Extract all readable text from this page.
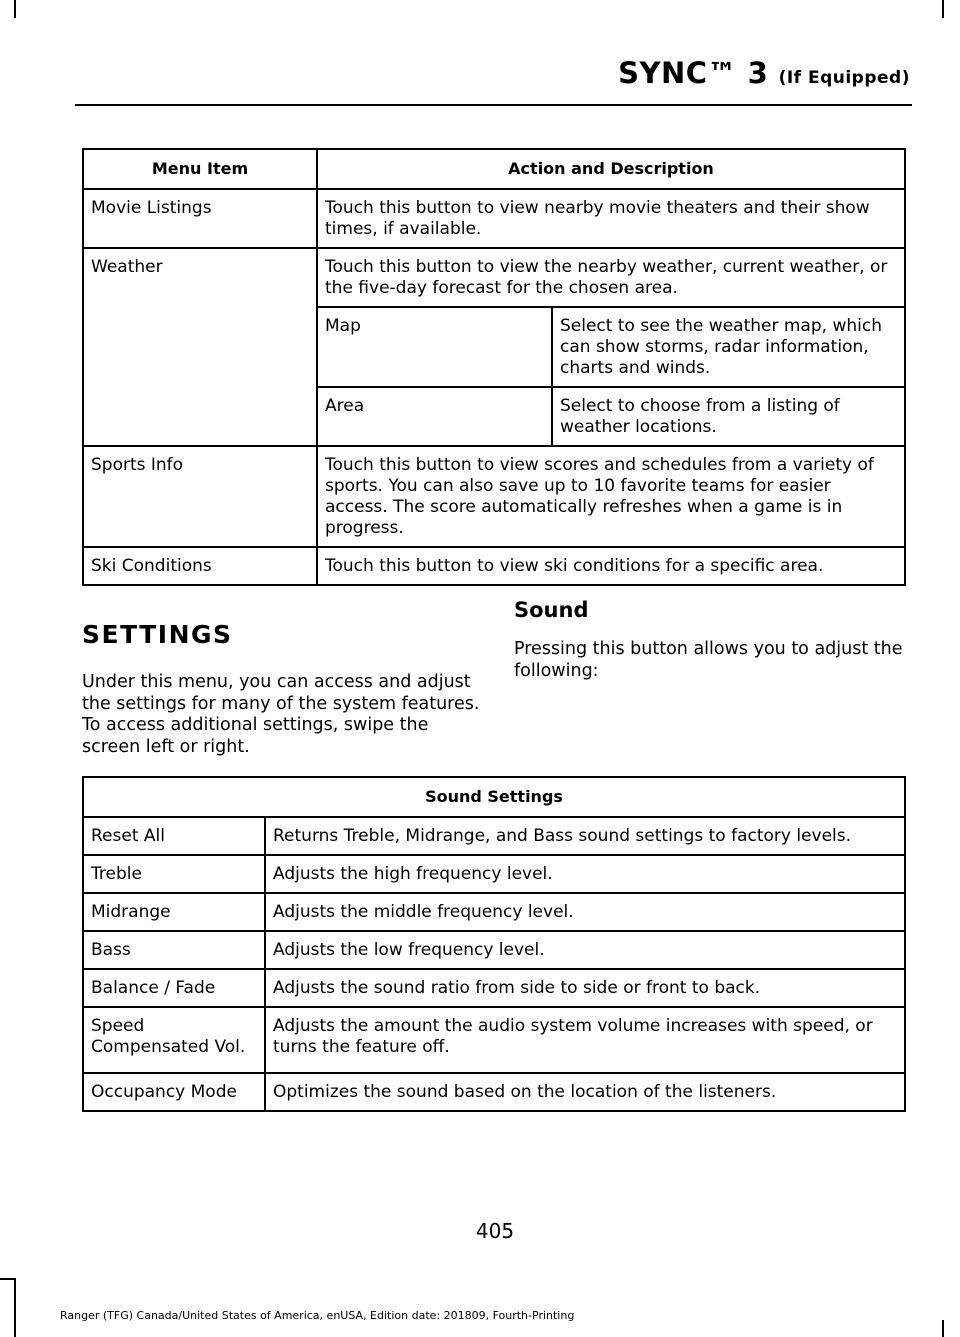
SYNC™ 3 (If Equipped)
Menu Item	Action and Description
Movie Listings	Touch this button to view nearby movie theaters and their show times, if available.
Weather	Touch this button to view the nearby weather, current weather, or the five-day forecast for the chosen area.
Map	Select to see the weather map, which can show storms, radar information, charts and winds.
Area	Select to choose from a listing of weather locations.

Sports Info	Touch this button to view scores and schedules from a variety of sports. You can also save up to 10 favorite teams for easier access. The score automatically refreshes when a game is in progress.
Ski Conditions	Touch this button to view ski conditions for a specific area.
SETTINGS
Under this menu, you can access and adjust the settings for many of the system features. To access additional settings, swipe the screen left or right.
Sound
Pressing this button allows you to adjust the following:
Sound Settings	
Reset All	Returns Treble, Midrange, and Bass sound settings to factory levels.
Treble	Adjusts the high frequency level.
Midrange	Adjusts the middle frequency level.
Bass	Adjusts the low frequency level.
Balance / Fade	Adjusts the sound ratio from side to side or front to back.
Speed Compensated Vol.	Adjusts the amount the audio system volume increases with speed, or turns the feature off.
Occupancy Mode	Optimizes the sound based on the location of the listeners.
405
Ranger (TFG) Canada/United States of America, enUSA, Edition date: 201809, Fourth-Printing
